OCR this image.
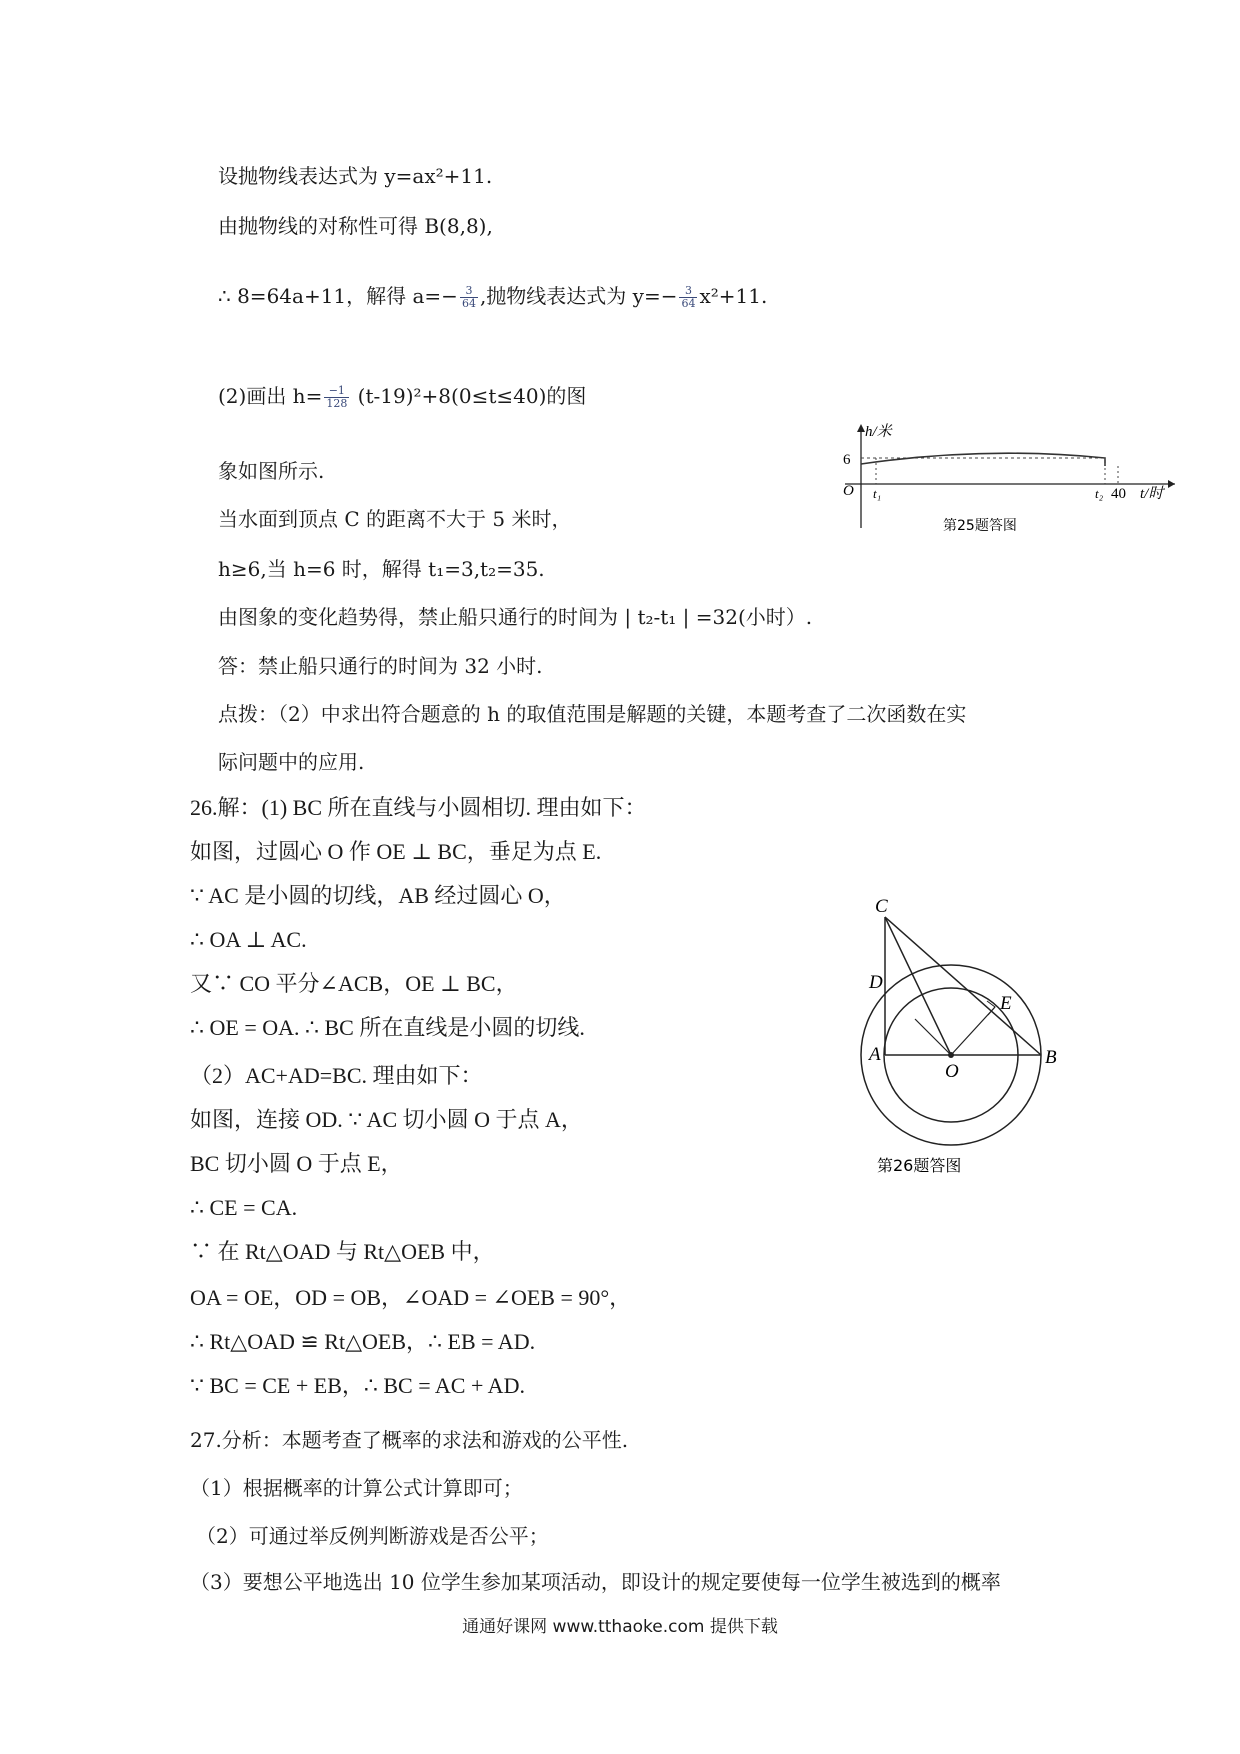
设抛物线表达式为 y=ax²+11.
由抛物线的对称性可得 B(8,8),
∴ 8=64a+11，解得 $a=- \frac{3}{64}$ ,抛物线表达式为 $y=- \frac{3}{64} x^2+11$.
(2)画出 $h= \frac{-1}{128} (t-19)^2+8(0\le t\le 40)$的图
象如图所示.
当水面到顶点 C 的距离不大于 5 米时，
h≥6,当 h=6 时，解得 t₁=3,t₂=35.
由图象的变化趋势得，禁止船只通行的时间为 | t₂-t₁ | =32(小时）.
答：禁止船只通行的时间为 32 小时.
点拨：（2）中求出符合题意的 h 的取值范围是解题的关键，本题考查了二次函数在实
际问题中的应用.
h/米
6
O t₁	t₂ 40 t/时
第25题答图
26.解：(1) BC 所在直线与小圆相切. 理由如下：
如图，过圆心 O 作 OE ⊥ BC，垂足为点 E.
∵ AC 是小圆的切线，AB 经过圆心 O，
∴ OA ⊥ AC.
又∵ CO 平分∠ACB，OE ⊥ BC，
∴ OE = OA. ∴ BC 所在直线是小圆的切线.
（2）AC+AD=BC. 理由如下：
如图，连接 OD. ∵ AC 切小圆 O 于点 A，
BC 切小圆 O 于点 E，
∴ CE = CA.
∵ 在 Rt△OAD 与 Rt△OEB 中，
OA = OE，OD = OB，∠OAD = ∠OEB = 90°，
∴ Rt△OAD ≌ Rt△OEB，∴ EB = AD.
∵ BC = CE + EB，∴ BC = AC + AD.
C
D
E
A
O
B
第26题答图
27.分析：本题考查了概率的求法和游戏的公平性.
（1）根据概率的计算公式计算即可；
（2）可通过举反例判断游戏是否公平；
（3）要想公平地选出 10 位学生参加某项活动，即设计的规定要使每一位学生被选到的概率
通通好课网 www.tthaoke.com 提供下载
